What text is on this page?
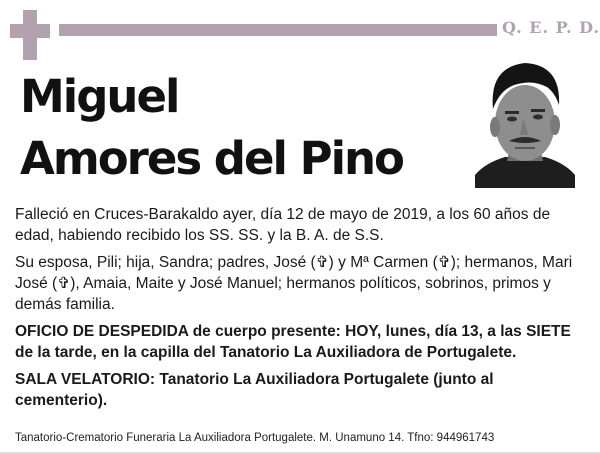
Q. E. P. D.
Miguel
Amores del Pino

Falleció en Cruces-Barakaldo ayer, día 12 de mayo de 2019, a los 60 años de edad, habiendo recibido los SS. SS. y la B. A. de S.S.

Su esposa, Pili; hija, Sandra; padres, José (✞) y Mª Carmen (✞); hermanos, Mari José (✞), Amaia, Maite y José Manuel; hermanos políticos, sobrinos, primos y demás familia.

OFICIO DE DESPEDIDA de cuerpo presente: HOY, lunes, día 13, a las SIETE de la tarde, en la capilla del Tanatorio La Auxiliadora de Portugalete.

SALA VELATORIO: Tanatorio La Auxiliadora Portugalete (junto al cementerio).

Tanatorio-Crematorio Funeraria La Auxiliadora Portugalete. M. Unamuno 14. Tfno: 944961743
